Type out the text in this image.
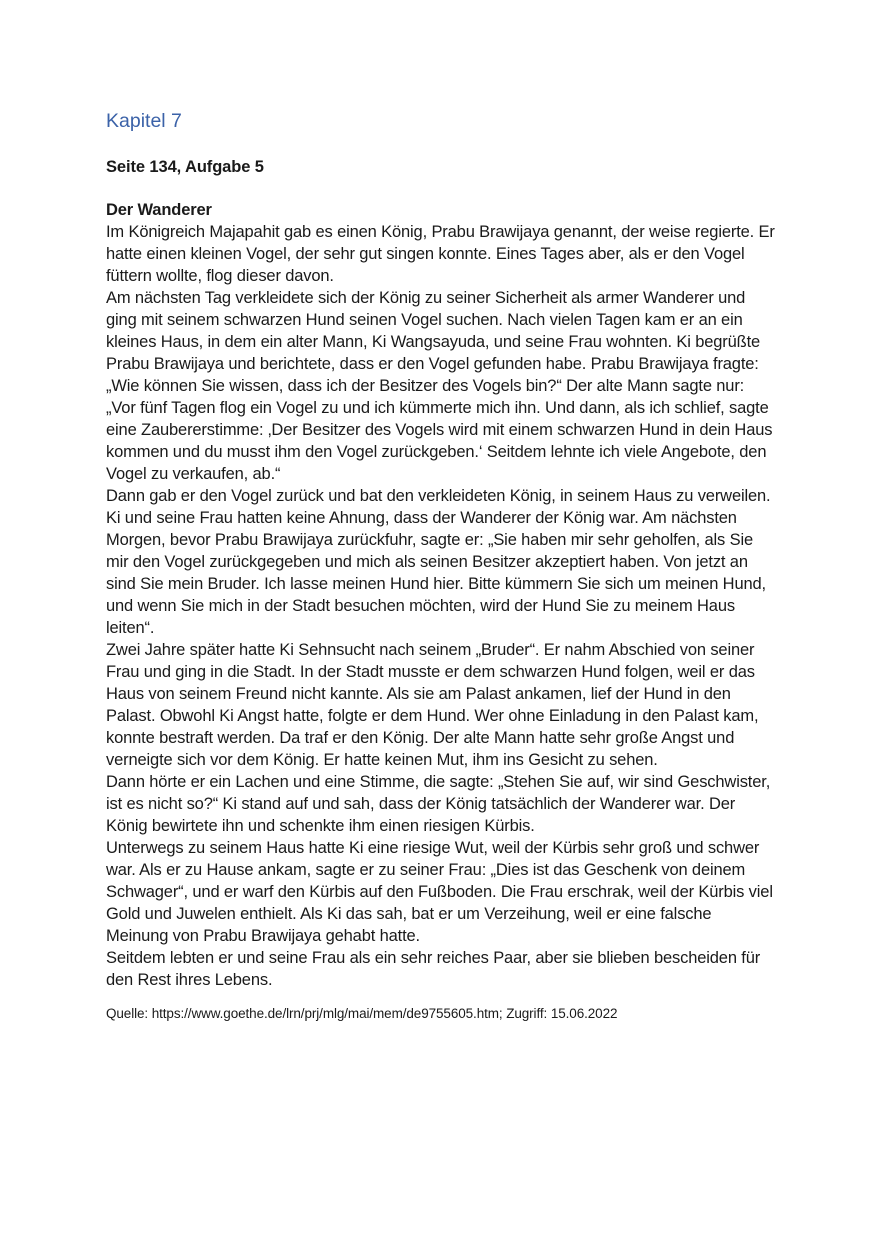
Kapitel 7
Seite 134, Aufgabe 5
Der Wanderer
Im Königreich Majapahit gab es einen König, Prabu Brawijaya genannt, der weise regierte. Er
hatte einen kleinen Vogel, der sehr gut singen konnte. Eines Tages aber, als er den Vogel
füttern wollte, flog dieser davon.
Am nächsten Tag verkleidete sich der König zu seiner Sicherheit als armer Wanderer und
ging mit seinem schwarzen Hund seinen Vogel suchen. Nach vielen Tagen kam er an ein
kleines Haus, in dem ein alter Mann, Ki Wangsayuda, und seine Frau wohnten. Ki begrüßte
Prabu Brawijaya und berichtete, dass er den Vogel gefunden habe. Prabu Brawijaya fragte:
„Wie können Sie wissen, dass ich der Besitzer des Vogels bin?“ Der alte Mann sagte nur:
„Vor fünf Tagen flog ein Vogel zu und ich kümmerte mich ihn. Und dann, als ich schlief, sagte
eine Zaubererstimme: ‚Der Besitzer des Vogels wird mit einem schwarzen Hund in dein Haus
kommen und du musst ihm den Vogel zurückgeben.‘ Seitdem lehnte ich viele Angebote, den
Vogel zu verkaufen, ab.“
Dann gab er den Vogel zurück und bat den verkleideten König, in seinem Haus zu verweilen.
Ki und seine Frau hatten keine Ahnung, dass der Wanderer der König war. Am nächsten
Morgen, bevor Prabu Brawijaya zurückfuhr, sagte er: „Sie haben mir sehr geholfen, als Sie
mir den Vogel zurückgegeben und mich als seinen Besitzer akzeptiert haben. Von jetzt an
sind Sie mein Bruder. Ich lasse meinen Hund hier. Bitte kümmern Sie sich um meinen Hund,
und wenn Sie mich in der Stadt besuchen möchten, wird der Hund Sie zu meinem Haus
leiten“.
Zwei Jahre später hatte Ki Sehnsucht nach seinem „Bruder“. Er nahm Abschied von seiner
Frau und ging in die Stadt. In der Stadt musste er dem schwarzen Hund folgen, weil er das
Haus von seinem Freund nicht kannte. Als sie am Palast ankamen, lief der Hund in den
Palast. Obwohl Ki Angst hatte, folgte er dem Hund. Wer ohne Einladung in den Palast kam,
konnte bestraft werden. Da traf er den König. Der alte Mann hatte sehr große Angst und
verneigte sich vor dem König. Er hatte keinen Mut, ihm ins Gesicht zu sehen.
Dann hörte er ein Lachen und eine Stimme, die sagte: „Stehen Sie auf, wir sind Geschwister,
ist es nicht so?“ Ki stand auf und sah, dass der König tatsächlich der Wanderer war. Der
König bewirtete ihn und schenkte ihm einen riesigen Kürbis.
Unterwegs zu seinem Haus hatte Ki eine riesige Wut, weil der Kürbis sehr groß und schwer
war. Als er zu Hause ankam, sagte er zu seiner Frau: „Dies ist das Geschenk von deinem
Schwager“, und er warf den Kürbis auf den Fußboden. Die Frau erschrak, weil der Kürbis viel
Gold und Juwelen enthielt. Als Ki das sah, bat er um Verzeihung, weil er eine falsche
Meinung von Prabu Brawijaya gehabt hatte.
Seitdem lebten er und seine Frau als ein sehr reiches Paar, aber sie blieben bescheiden für
den Rest ihres Lebens.
Quelle: https://www.goethe.de/lrn/prj/mlg/mai/mem/de9755605.htm; Zugriff: 15.06.2022
